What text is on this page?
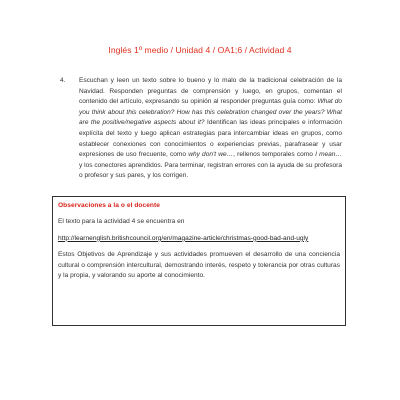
Inglés 1º medio / Unidad 4 / OA1;6 / Actividad 4
4. Escuchan y leen un texto sobre lo bueno y lo malo de la tradicional celebración de la Navidad. Responden preguntas de comprensión y luego, en grupos, comentan el contenido del artículo, expresando su opinión al responder preguntas guía como: What do you think about this celebration? How has this celebration changed over the years? What are the positive/negative aspects about it? Identifican las ideas principales e información explícita del texto y luego aplican estrategias para intercambiar ideas en grupos, como establecer conexiones con conocimientos o experiencias previas, parafrasear y usar expresiones de uso frecuente, como why don't we…, rellenos temporales como I mean… y los conectores aprendidos. Para terminar, registran errores con la ayuda de su profesora o profesor y sus pares, y los corrigen.
Observaciones a la o el docente
El texto para la actividad 4 se encuentra en
http://learnenglish.britishcouncil.org/en/magazine-article/christmas-good-bad-and-ugly
Estos Objetivos de Aprendizaje y sus actividades promueven el desarrollo de una conciencia cultural o comprensión intercultural, demostrando interés, respeto y tolerancia por otras culturas y la propia, y valorando su aporte al conocimiento.
